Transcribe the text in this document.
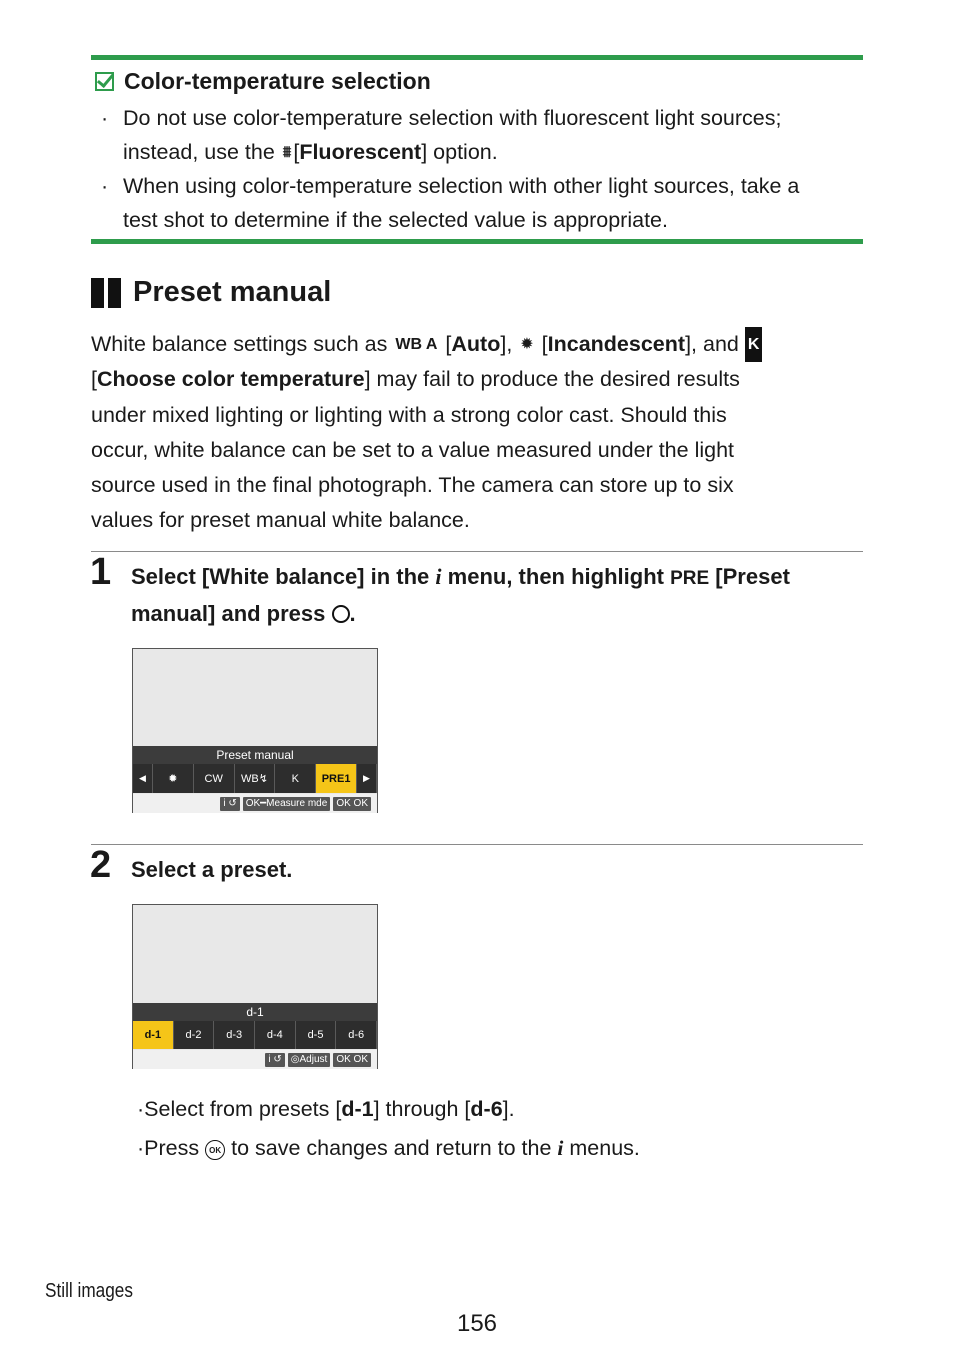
Color-temperature selection
· Do not use color-temperature selection with fluorescent light sources;
instead, use the ⩩[Fluorescent] option.
· When using color-temperature selection with other light sources, take a
test shot to determine if the selected value is appropriate.
Preset manual
White balance settings such as WB A [Auto], ✹ [Incandescent], and K
[Choose color temperature] may fail to produce the desired results
under mixed lighting or lighting with a strong color cast. Should this
occur, white balance can be set to a value measured under the light
source used in the final photograph. The camera can store up to six
values for preset manual white balance.
1 Select [White balance] in the i menu, then highlight PRE [Preset
manual] and press .
Preset manual
◀	✹	CW	WB↯	K	PRE1	▶
i ↺ OK━Measure mde OK OK
2 Select a preset.
d-1
d-1	d-2	d-3	d-4	d-5	d-6
i ↺ ◎Adjust OK OK
·Select from presets [d-1] through [d-6].
·Press OK to save changes and return to the i menus.
Still images
156
